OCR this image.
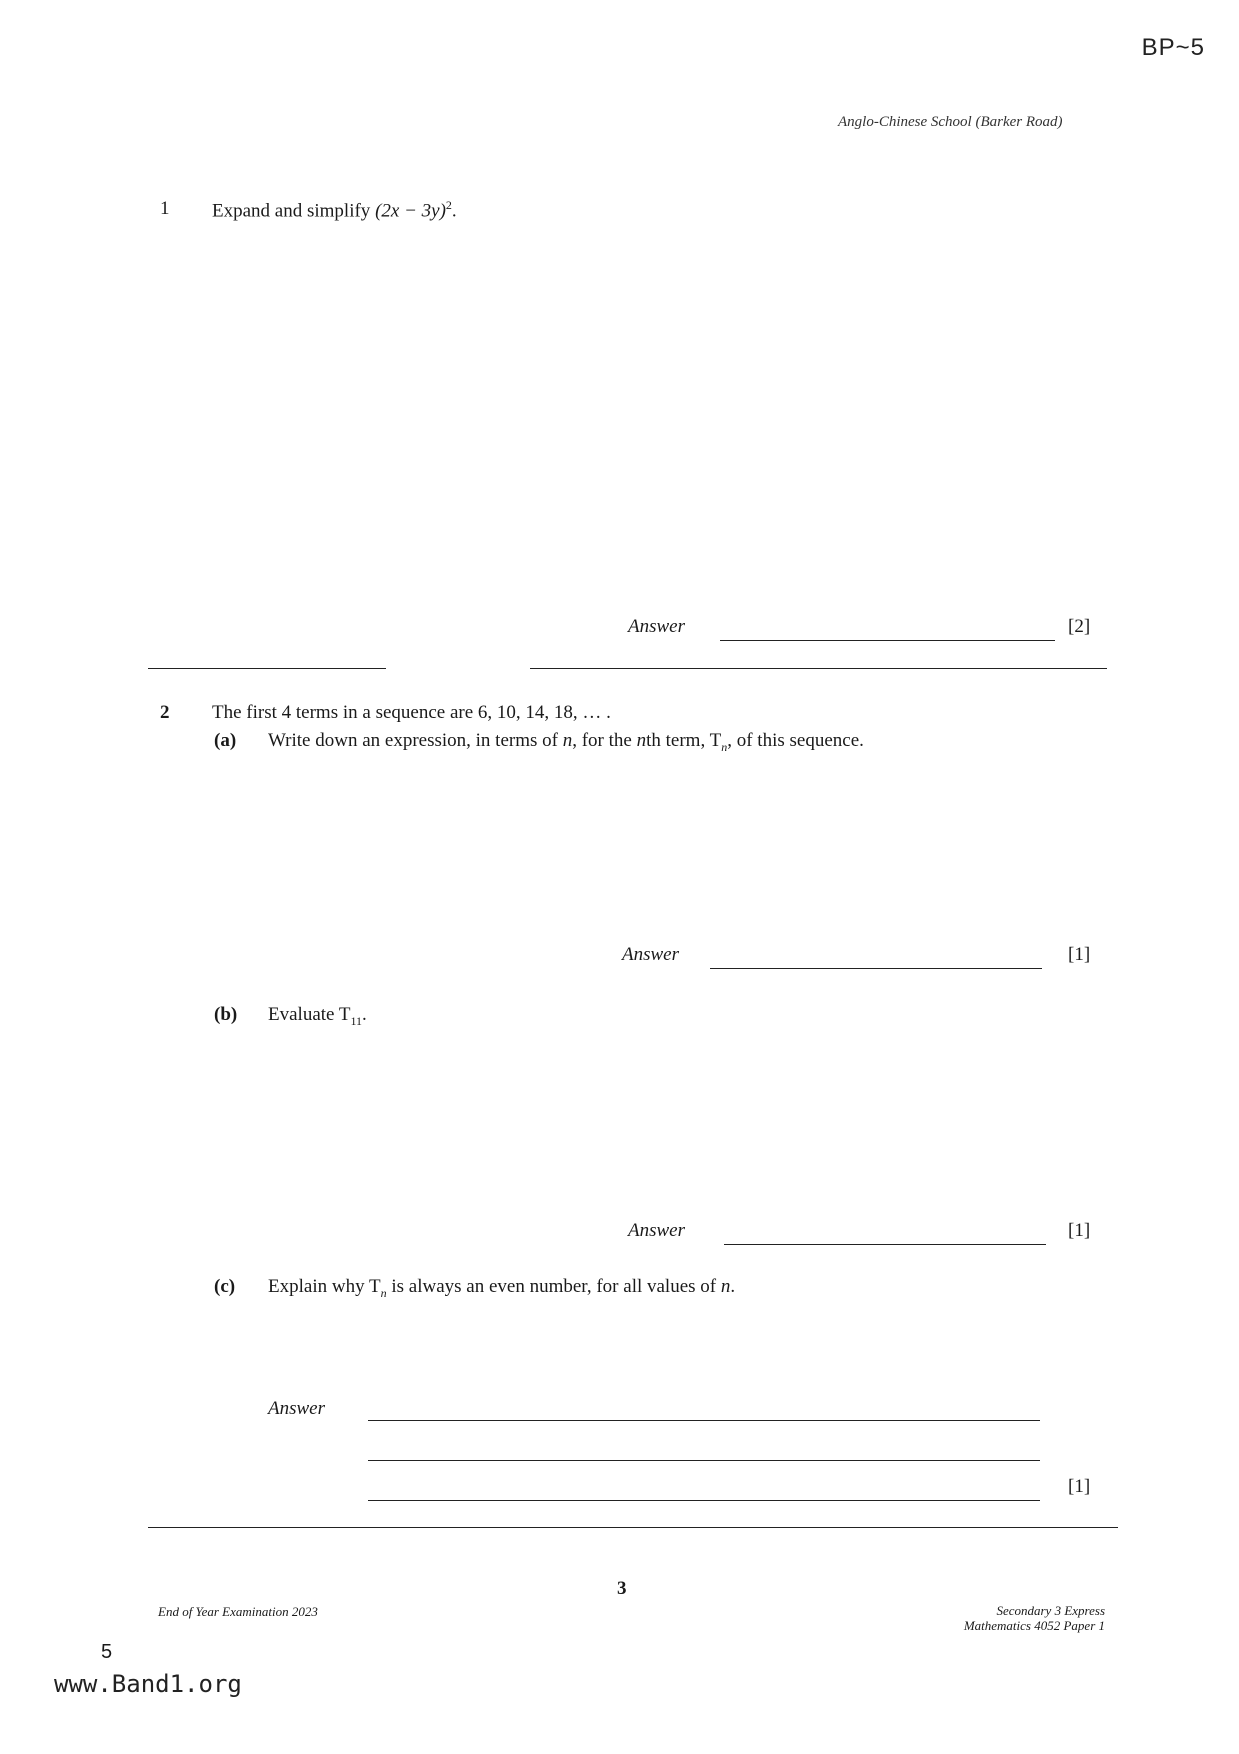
BP~5
Anglo-Chinese School (Barker Road)
1 Expand and simplify $(2x - 3y)^2$.
Answer	[2]
2 The first 4 terms in a sequence are 6, 10, 14, 18, … .
(a) Write down an expression, in terms of n, for the nth term, $T_n$, of this sequence.
Answer	[1]
(b) Evaluate $T_{11}$.
Answer	[1]
(c) Explain why $T_n$ is always an even number, for all values of n.
Answer
[1]
3
End of Year Examination 2023	Secondary 3 Express
Mathematics 4052 Paper 1
5
www.Band1.org
